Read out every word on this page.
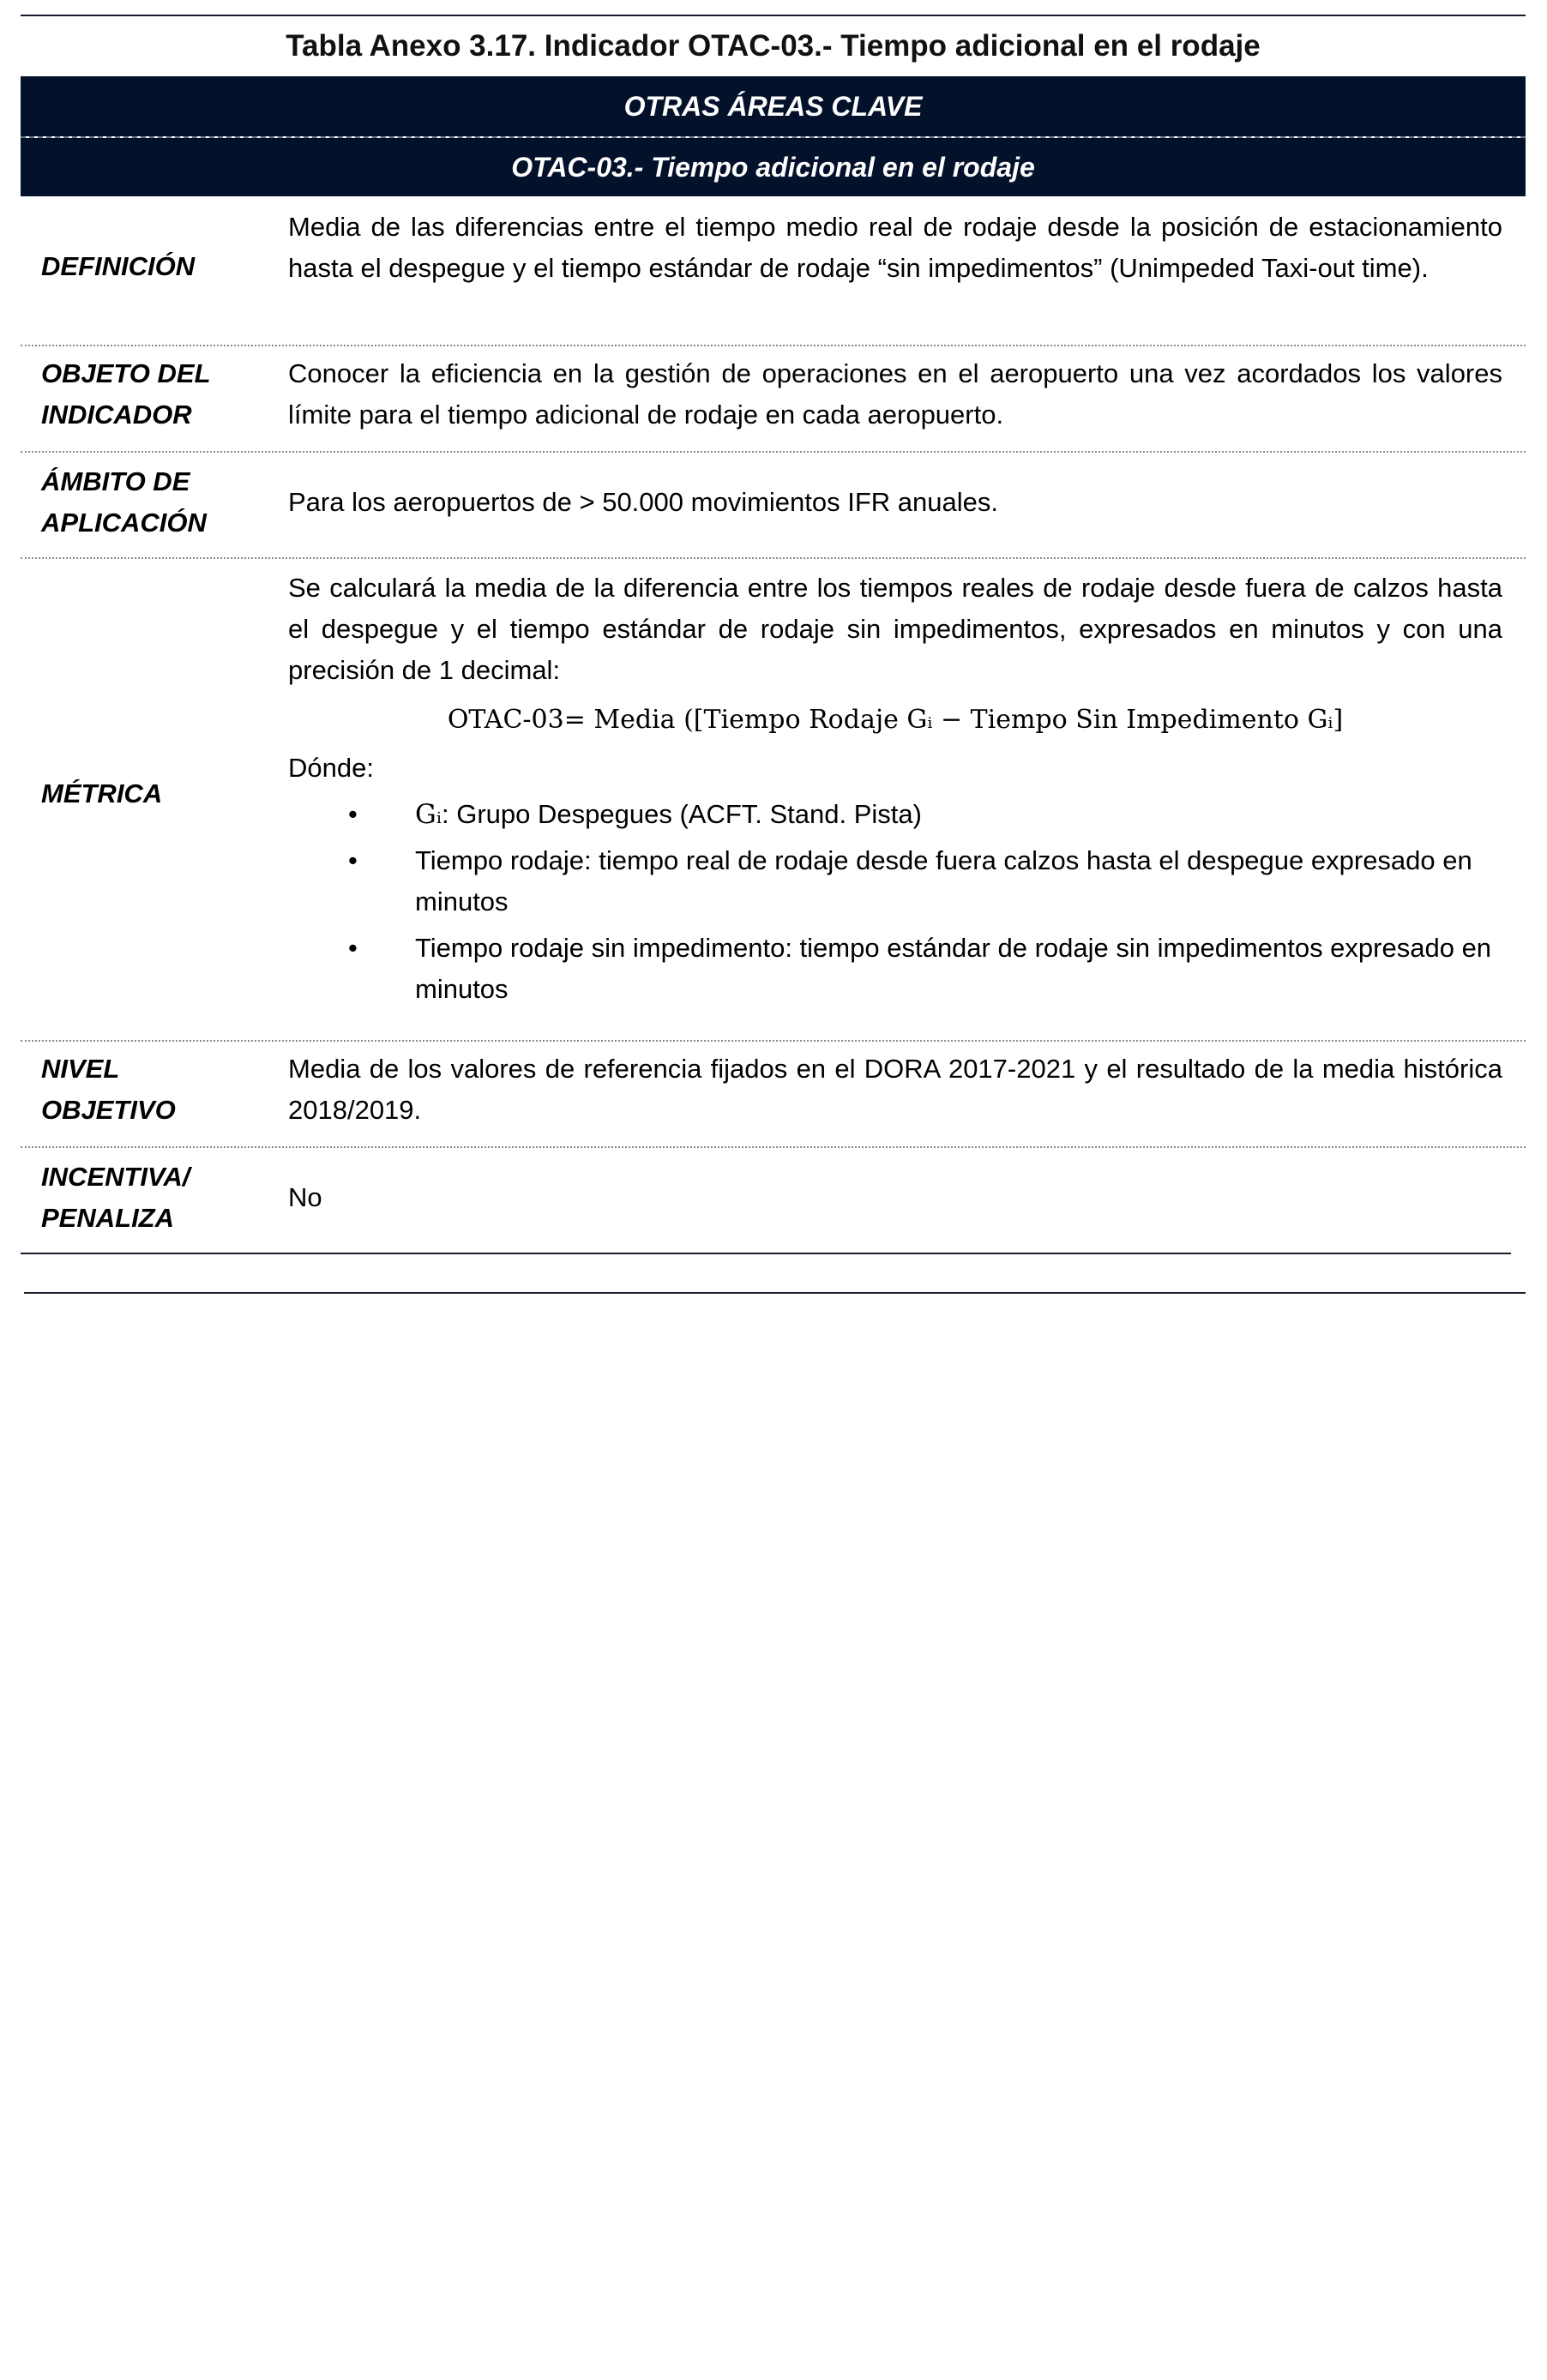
Tabla Anexo 3.17. Indicador OTAC-03.- Tiempo adicional en el rodaje
OTRAS ÁREAS CLAVE
OTAC-03.- Tiempo adicional en el rodaje
DEFINICIÓN
Media de las diferencias entre el tiempo medio real de rodaje desde la posición de estacionamiento hasta el despegue y el tiempo estándar de rodaje “sin impedimentos” (Unimpeded Taxi-out time).
OBJETO DEL
INDICADOR
Conocer la eficiencia en la gestión de operaciones en el aeropuerto una vez acordados los valores límite para el tiempo adicional de rodaje en cada aeropuerto.
ÁMBITO DE
APLICACIÓN
Para los aeropuertos de > 50.000 movimientos IFR anuales.
MÉTRICA
Se calculará la media de la diferencia entre los tiempos reales de rodaje desde fuera de calzos hasta el despegue y el tiempo estándar de rodaje sin impedimentos, expresados en minutos y con una precisión de 1 decimal:
OTAC-03= Media ([Tiempo Rodaje Gᵢ − Tiempo Sin Impedimento Gᵢ]
Dónde:
• Gᵢ: Grupo Despegues (ACFT. Stand. Pista)
• Tiempo rodaje: tiempo real de rodaje desde fuera calzos hasta el despegue expresado en minutos
• Tiempo rodaje sin impedimento: tiempo estándar de rodaje sin impedimentos expresado en minutos
NIVEL
OBJETIVO
Media de los valores de referencia fijados en el DORA 2017-2021 y el resultado de la media histórica 2018/2019.
INCENTIVA/
PENALIZA
No
